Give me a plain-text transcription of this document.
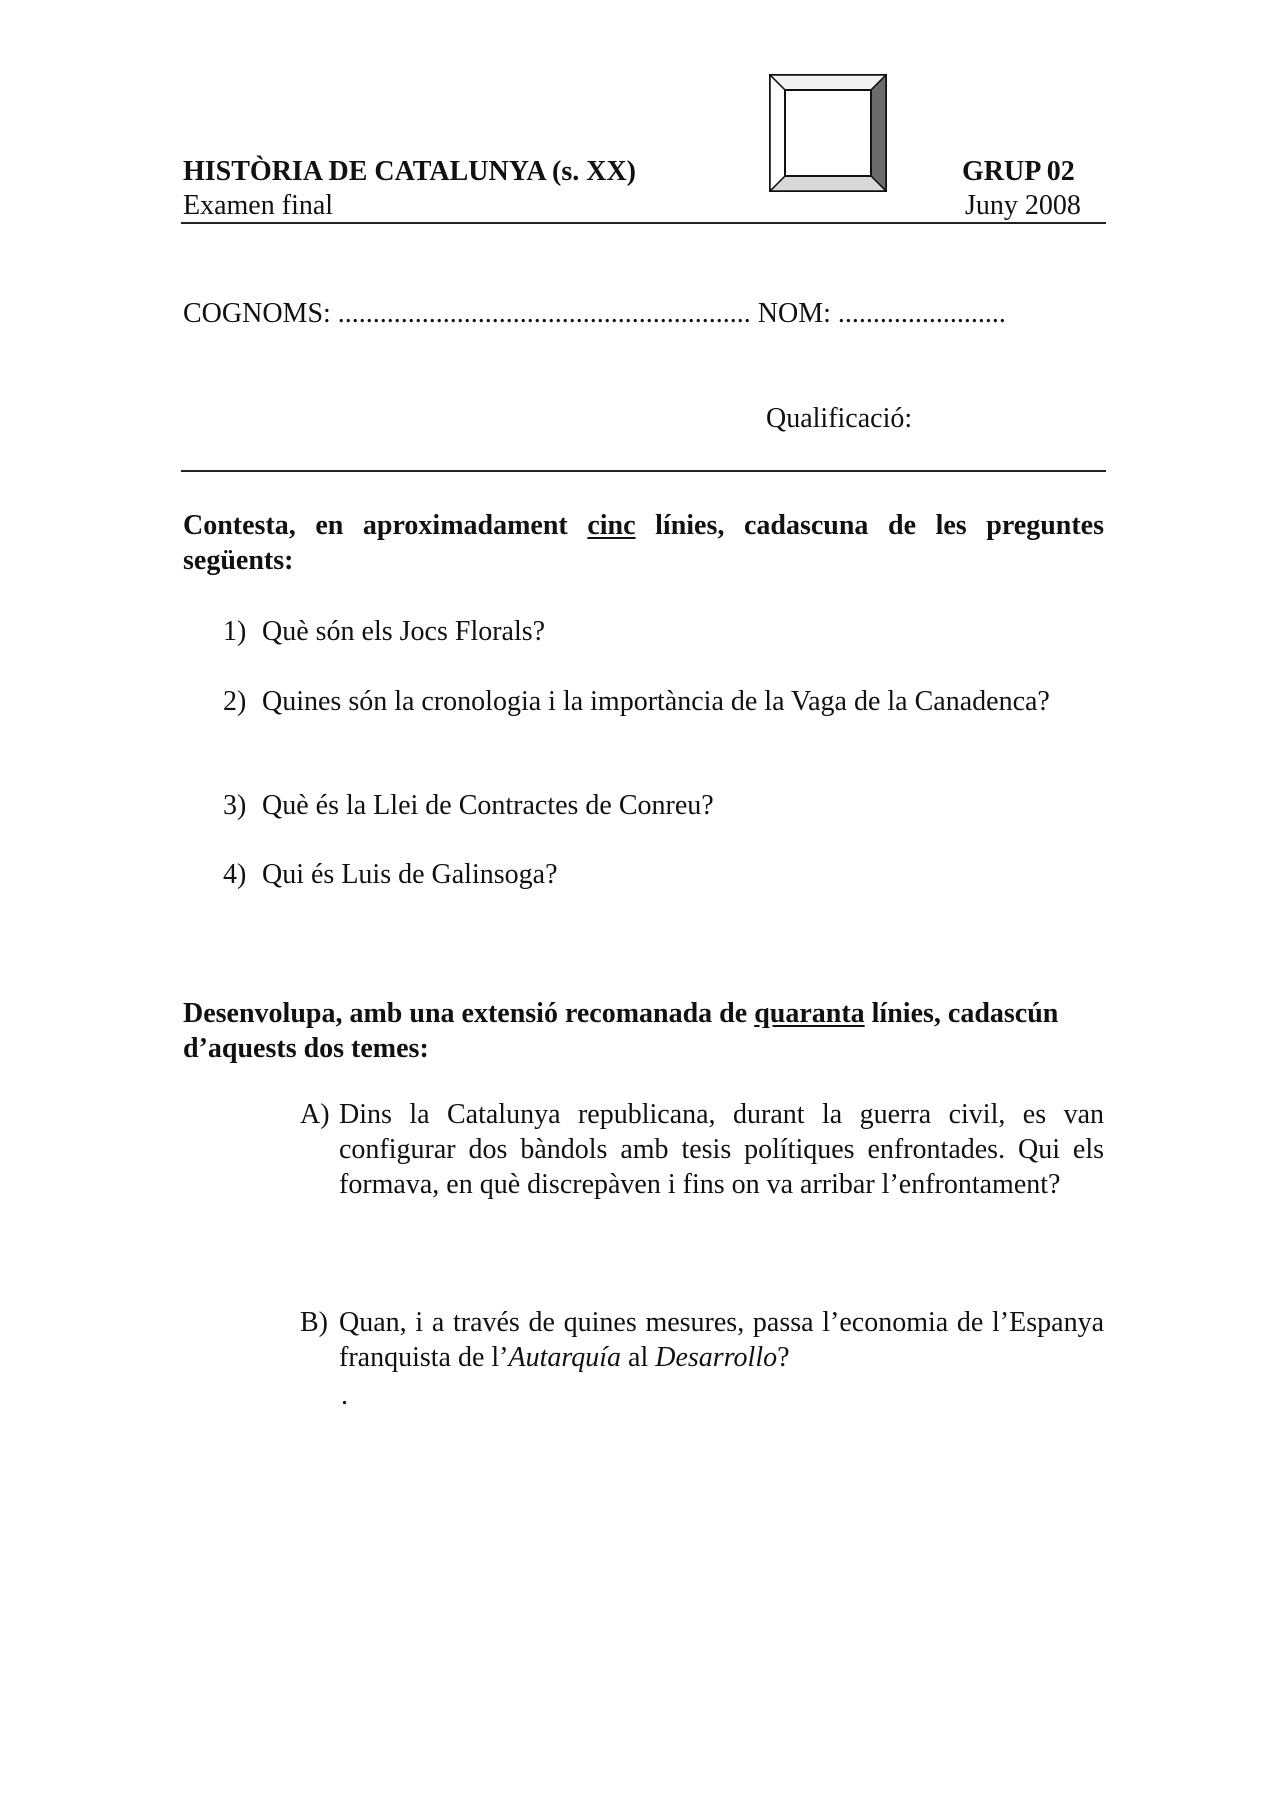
HISTÒRIA DE CATALUNYA (s. XX)
Examen final
GRUP 02
Juny 2008
COGNOMS: ........................................................... NOM: ........................
Qualificació:
Contesta, en aproximadament cinc línies, cadascuna de les preguntes següents:
1) Què són els Jocs Florals?
2) Quines són la cronologia i la importància de la Vaga de la Canadenca?
3) Què és la Llei de Contractes de Conreu?
4) Qui és Luis de Galinsoga?
Desenvolupa, amb una extensió recomanada de quaranta línies, cadascún d’aquests dos temes:
A) Dins la Catalunya republicana, durant la guerra civil, es van configurar dos bàndols amb tesis polítiques enfrontades. Qui els formava, en què discrepàven i fins on va arribar l’enfrontament?
B) Quan, i a través de quines mesures, passa l’economia de l’Espanya franquista de l’Autarquía al Desarrollo?
.
